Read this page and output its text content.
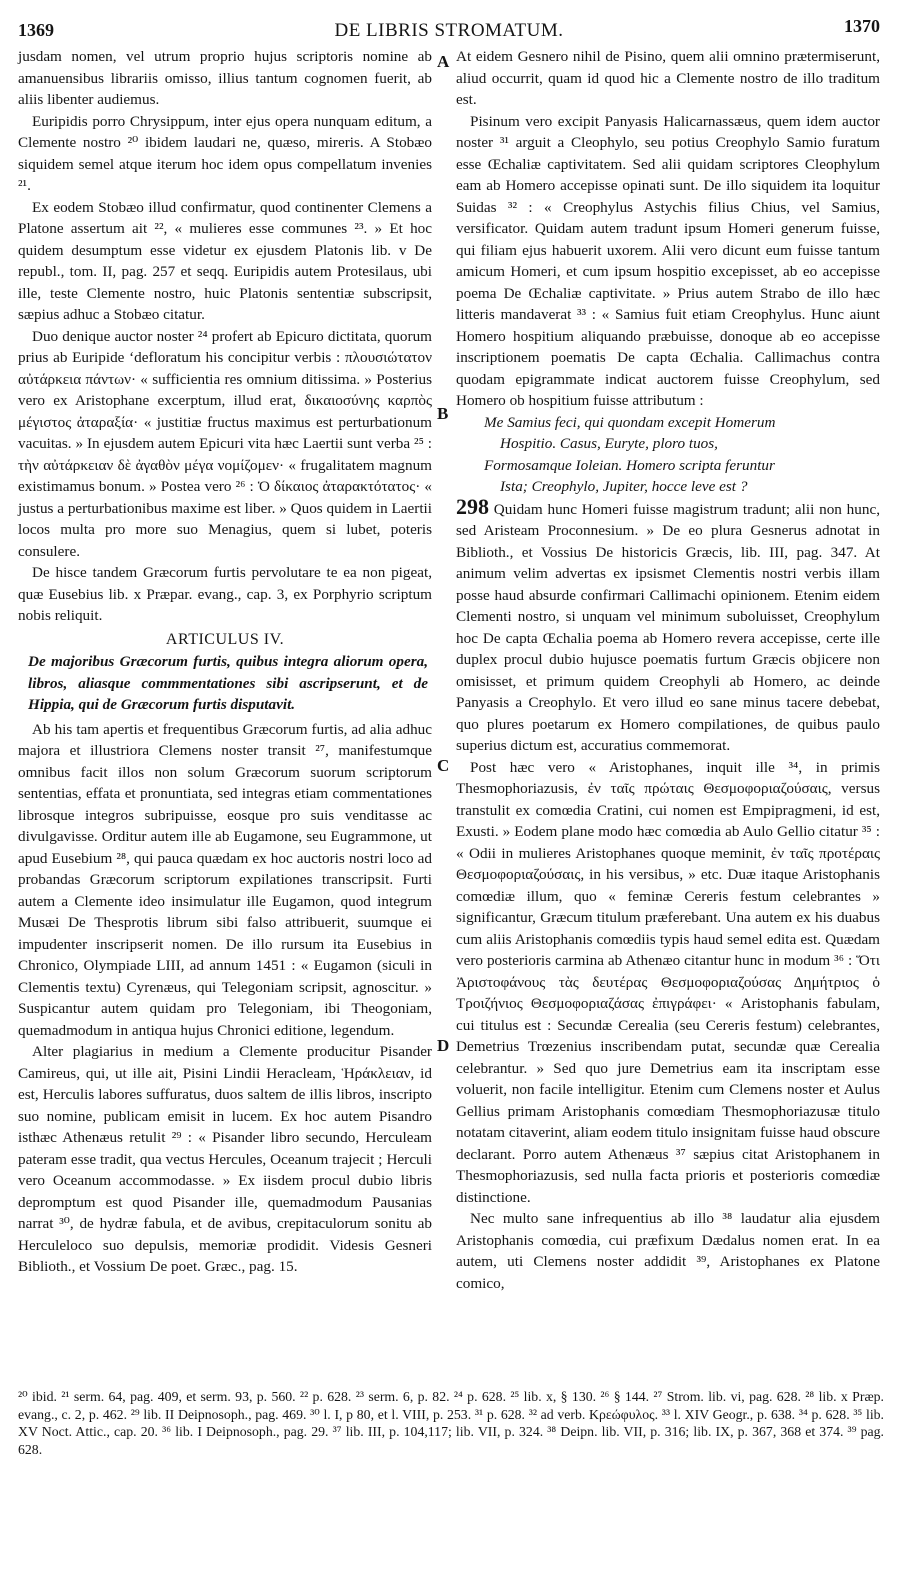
1369	DE LIBRIS STROMATUM.	1370
A
B
C
D

jusdam nomen, vel utrum proprio hujus scriptoris nomine ab amanuensibus librariis omisso, illius tantum cognomen fuerit, ab aliis libenter audiemus.

Euripidis porro Chrysippum, inter ejus opera nunquam editum, a Clemente nostro ²⁰ ibidem laudari ne, quæso, mireris. A Stobæo siquidem semel atque iterum hoc idem opus compellatum invenies ²¹.

Ex eodem Stobæo illud confirmatur, quod continenter Clemens a Platone assertum ait ²², « mulieres esse communes ²³. » Et hoc quidem desumptum esse videtur ex ejusdem Platonis lib. v De republ., tom. II, pag. 257 et seqq. Euripidis autem Protesilaus, ubi ille, teste Clemente nostro, huic Platonis sententiæ subscripsit, sæpius adhuc a Stobæo citatur.

Duo denique auctor noster ²⁴ profert ab Epicuro dictitata, quorum prius ab Euripide ‘defloratum his concipitur verbis : πλουσιώτατον αὐτάρκεια πάντων· « sufficientia res omnium ditissima. » Posterius vero ex Aristophane excerptum, illud erat, δικαιοσύνης καρπὸς μέγιστος ἀταραξία· « justitiæ fructus maximus est perturbationum vacuitas. » In ejusdem autem Epicuri vita hæc Laertii sunt verba ²⁵ : τὴν αὐτάρκειαν δὲ ἀγαθὸν μέγα νομίζομεν· « frugalitatem magnum existimamus bonum. » Postea vero ²⁶ : Ὁ δίκαιος ἀταρακτότατος· « justus a perturbationibus maxime est liber. » Quos quidem in Laertii locos multa pro more suo Menagius, quem si lubet, poteris consulere.

De hisce tandem Græcorum furtis pervolutare te ea non pigeat, quæ Eusebius lib. x Præpar. evang., cap. 3, ex Porphyrio scriptum nobis reliquit.

ARTICULUS IV.

De majoribus Græcorum furtis, quibus integra aliorum opera, libros, aliasque commmentationes sibi ascripserunt, et de Hippia, qui de Græcorum furtis disputavit.

Ab his tam apertis et frequentibus Græcorum furtis, ad alia adhuc majora et illustriora Clemens noster transit ²⁷, manifestumque omnibus facit illos non solum Græcorum suorum scriptorum sententias, effata et pronuntiata, sed integras etiam commentationes librosque integros subripuisse, eosque pro suis venditasse ac divulgavisse. Orditur autem ille ab Eugamone, seu Eugrammone, ut apud Eusebium ²⁸, qui pauca quædam ex hoc auctoris nostri loco ad probandas Græcorum scriptorum expilationes transcripsit. Furti autem a Clemente ideo insimulatur ille Eugamon, quod integrum Musæi De Thesprotis librum sibi falso attribuerit, suumque ei impudenter inscripserit nomen. De illo rursum ita Eusebius in Chronico, Olympiade LIII, ad annum 1451 : « Eugamon (siculi in Clementis textu) Cyrenæus, qui Telegoniam scripsit, agnoscitur. » Suspicantur autem quidam pro Telegoniam, ibi Theogoniam, quemadmodum in antiqua hujus Chronici editione, legendum.

Alter plagiarius in medium a Clemente producitur Pisander Camireus, qui, ut ille ait, Pisini Lindii Heracleam, Ἡράκλειαν, id est, Herculis labores suffuratus, duos saltem de illis libros, inscripto suo nomine, publicam emisit in lucem. Ex hoc autem Pisandro isthæc Athenæus retulit ²⁹ : « Pisander libro secundo, Herculeam pateram esse tradit, qua vectus Hercules, Oceanum trajecit ; Herculi vero Oceanum accommodasse. » Ex iisdem procul dubio libris depromptum est quod Pisander ille, quemadmodum Pausanias narrat ³⁰, de hydræ fabula, et de avibus, crepitaculorum sonitu ab Herculeloco suo depulsis, memoriæ prodidit. Videsis Gesneri Biblioth., et Vossium De poet. Græc., pag. 15.

At eidem Gesnero nihil de Pisino, quem alii omnino prætermiserunt, aliud occurrit, quam id quod hic a Clemente nostro de illo traditum est.

Pisinum vero excipit Panyasis Halicarnassæus, quem idem auctor noster ³¹ arguit a Cleophylo, seu potius Creophylo Samio furatum esse Œchaliæ captivitatem. Sed alii quidam scriptores Cleophylum eam ab Homero accepisse opinati sunt. De illo siquidem ita loquitur Suidas ³² : « Creophylus Astychis filius Chius, vel Samius, versificator. Quidam autem tradunt ipsum Homeri generum fuisse, qui filiam ejus habuerit uxorem. Alii vero dicunt eum fuisse tantum amicum Homeri, et cum ipsum hospitio excepisset, ab eo accepisse poema De Œchaliæ captivitate. » Prius autem Strabo de illo hæc litteris mandaverat ³³ : « Samius fuit etiam Creophylus. Hunc aiunt Homero hospitium aliquando præbuisse, donoque ab eo accepisse inscriptionem poematis De capta Œchalia. Callimachus contra quodam epigrammate indicat auctorem fuisse Creophylum, sed Homero ob hospitium fuisse attributum :

Me Samius feci, qui quondam excepit Homerum

Hospitio. Casus, Euryte, ploro tuos,

Formosamque Ioleian. Homero scripta feruntur

Ista; Creophylo, Jupiter, hocce leve est ?

298 Quidam hunc Homeri fuisse magistrum tradunt; alii non hunc, sed Aristeam Proconnesium. » De eo plura Gesnerus adnotat in Biblioth., et Vossius De historicis Græcis, lib. III, pag. 347. At animum velim advertas ex ipsismet Clementis nostri verbis illam posse haud absurde confirmari Callimachi opinionem. Etenim eidem Clementi nostro, si unquam vel minimum suboluisset, Creophylum hoc De capta Œchalia poema ab Homero revera accepisse, certe ille duplex procul dubio hujusce poematis furtum Græcis objicere non omisisset, et primum quidem Creophyli ab Homero, ac deinde Panyasis a Creophylo. Et vero illud eo sane minus tacere debebat, quo plures poetarum ex Homero compilationes, de quibus paulo superius dictum est, accuratius commemorat.

Post hæc vero « Aristophanes, inquit ille ³⁴, in primis Thesmophoriazusis, ἐν ταῖς πρώταις Θεσμοφοριαζούσαις, versus transtulit ex comœdia Cratini, cui nomen est Empipragmeni, id est, Exusti. » Eodem plane modo hæc comœdia ab Aulo Gellio citatur ³⁵ : « Odii in mulieres Aristophanes quoque meminit, ἐν ταῖς προτέραις Θεσμοφοριαζούσαις, in his versibus, » etc. Duæ itaque Aristophanis comœdiæ illum, quo « feminæ Cereris festum celebrantes » significantur, Græcum titulum præferebant. Una autem ex his duabus cum aliis Aristophanis comœdiis typis haud semel edita est. Quædam vero posterioris carmina ab Athenæo citantur hunc in modum ³⁶ : Ὅτι Ἀριστοφάνους τὰς δευτέρας Θεσμοφοριαζούσας Δημήτριος ὁ Τροιζήνιος Θεσμοφοριαζάσας ἐπιγράφει· « Aristophanis fabulam, cui titulus est : Secundæ Cerealia (seu Cereris festum) celebrantes, Demetrius Trœzenius inscribendam putat, secundæ quæ Cerealia celebrantur. » Sed quo jure Demetrius eam ita inscriptam esse voluerit, non facile intelligitur. Etenim cum Clemens noster et Aulus Gellius primam Aristophanis comœdiam Thesmophoriazusæ titulo notatam citaverint, aliam eodem titulo insignitam fuisse haud obscure declarant. Porro autem Athenæus ³⁷ sæpius citat Aristophanem in Thesmophoriazusis, sed nulla facta prioris et posterioris comœdiæ distinctione.

Nec multo sane infrequentius ab illo ³⁸ laudatur alia ejusdem Aristophanis comœdia, cui præfixum Dædalus nomen erat. In ea autem, uti Clemens noster addidit ³⁹, Aristophanes ex Platone comico,

²⁰ ibid. ²¹ serm. 64, pag. 409, et serm. 93, p. 560. ²² p. 628. ²³ serm. 6, p. 82. ²⁴ p. 628. ²⁵ lib. x, § 130. ²⁶ § 144. ²⁷ Strom. lib. vi, pag. 628. ²⁸ lib. x Præp. evang., c. 2, p. 462. ²⁹ lib. II Deipnosoph., pag. 469. ³⁰ l. I, p 80, et l. VIII, p. 253. ³¹ p. 628. ³² ad verb. Κρεώφυλος. ³³ l. XIV Geogr., p. 638. ³⁴ p. 628. ³⁵ lib. XV Noct. Attic., cap. 20. ³⁶ lib. I Deipnosoph., pag. 29. ³⁷ lib. III, p. 104,117; lib. VII, p. 324. ³⁸ Deipn. lib. VII, p. 316; lib. IX, p. 367, 368 et 374. ³⁹ pag. 628.
